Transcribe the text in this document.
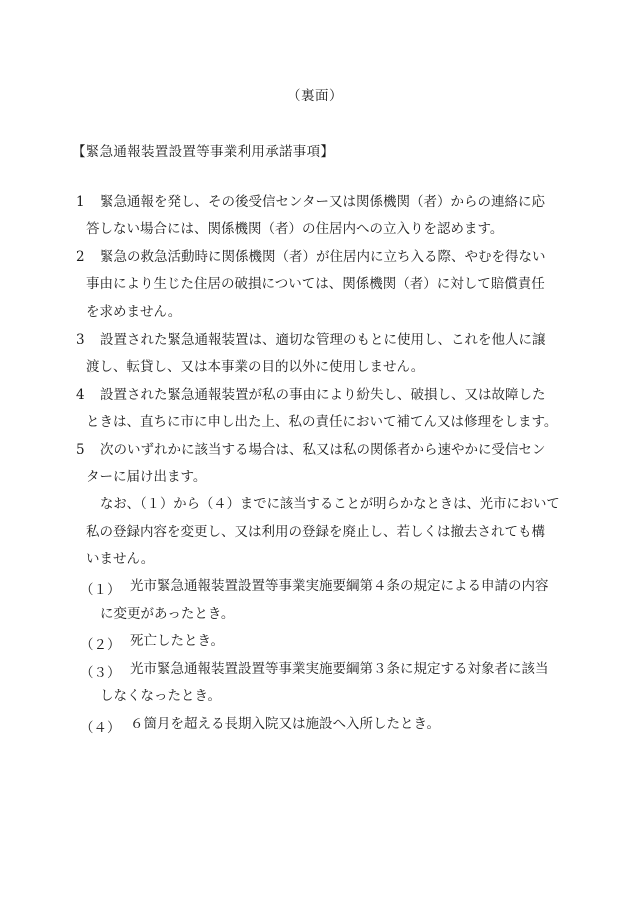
（裏面）
【緊急通報装置設置等事業利用承諾事項】
1 緊急通報を発し、その後受信センター又は関係機関（者）からの連絡に応
答しない場合には、関係機関（者）の住居内への立入りを認めます。
2 緊急の救急活動時に関係機関（者）が住居内に立ち入る際、やむを得ない
事由により生じた住居の破損については、関係機関（者）に対して賠償責任
を求めません。
3 設置された緊急通報装置は、適切な管理のもとに使用し、これを他人に譲
渡し、転貸し、又は本事業の目的以外に使用しません。
4 設置された緊急通報装置が私の事由により紛失し、破損し、又は故障した
ときは、直ちに市に申し出た上、私の責任において補てん又は修理をします。
5 次のいずれかに該当する場合は、私又は私の関係者から速やかに受信セン
ターに届け出ます。
なお、（１）から（４）までに該当することが明らかなときは、光市において
私の登録内容を変更し、又は利用の登録を廃止し、若しくは撤去されても構
いません。
（１） 光市緊急通報装置設置等事業実施要綱第４条の規定による申請の内容
に変更があったとき。
（２） 死亡したとき。
（３） 光市緊急通報装置設置等事業実施要綱第３条に規定する対象者に該当
しなくなったとき。
（４） ６箇月を超える長期入院又は施設へ入所したとき。
